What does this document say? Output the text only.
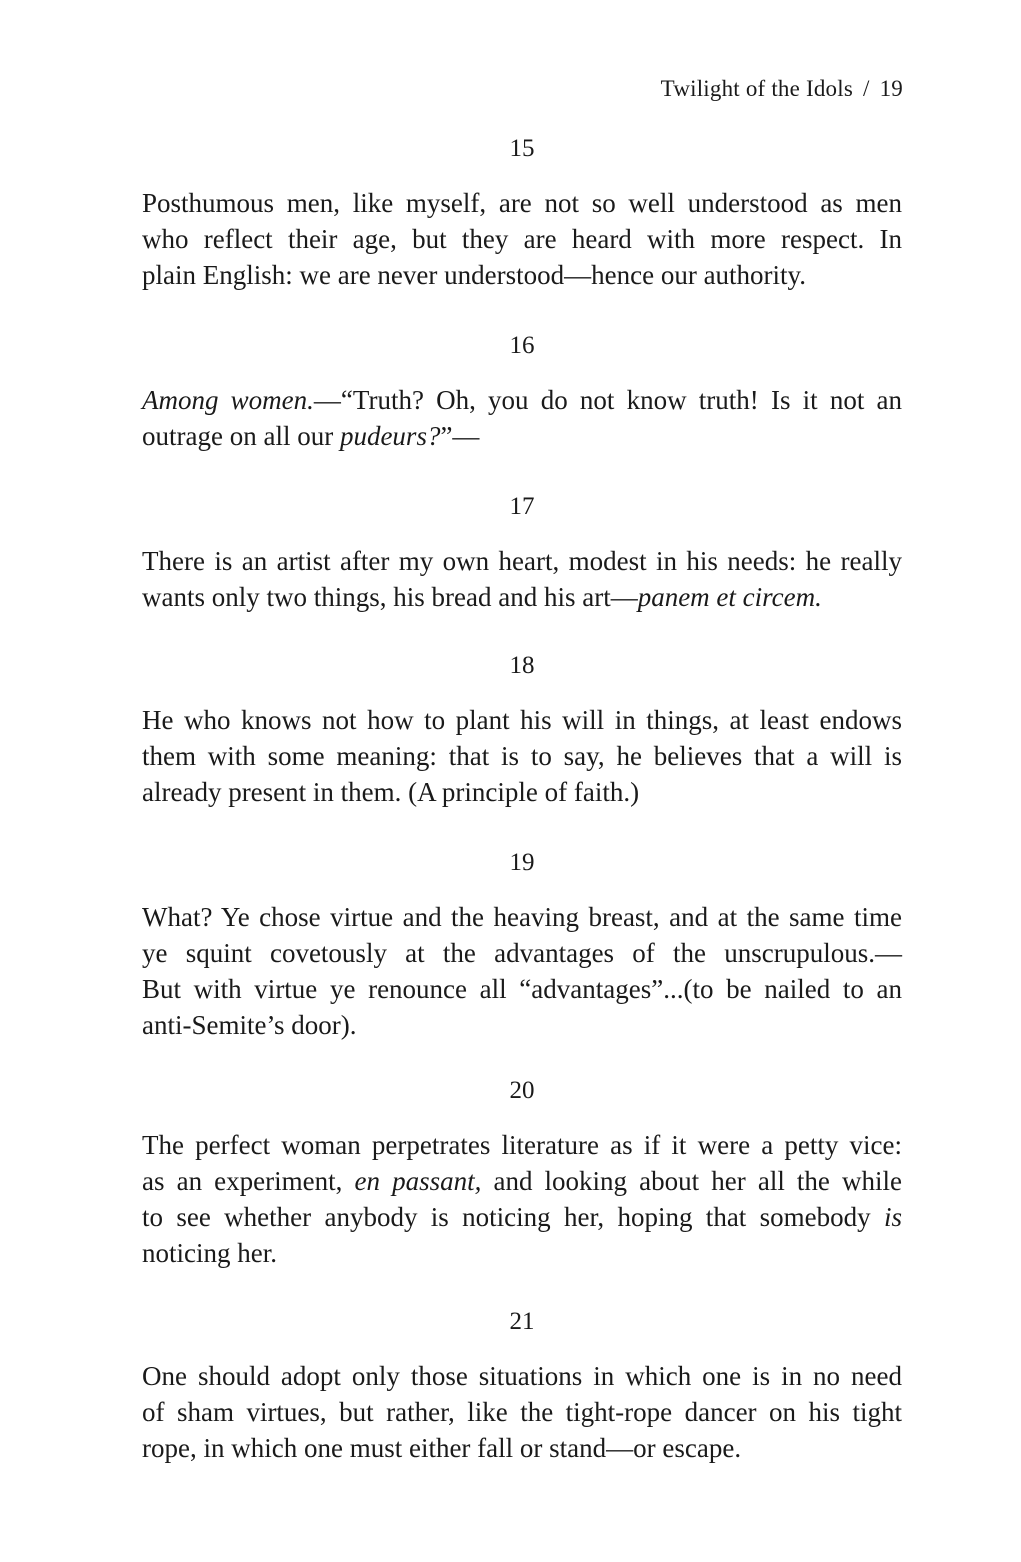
Twilight of the Idols / 19
15
Posthumous men, like myself, are not so well understood as men
who reflect their age, but they are heard with more respect. In
plain English: we are never understood—hence our authority.
16
Among women.—“Truth? Oh, you do not know truth! Is it not an
outrage on all our pudeurs?”—
17
There is an artist after my own heart, modest in his needs: he really
wants only two things, his bread and his art—panem et circem.
18
He who knows not how to plant his will in things, at least endows
them with some meaning: that is to say, he believes that a will is
already present in them. (A principle of faith.)
19
What? Ye chose virtue and the heaving breast, and at the same time
ye squint covetously at the advantages of the unscrupulous.—
But with virtue ye renounce all “advantages”...(to be nailed to an
anti-Semite’s door).
20
The perfect woman perpetrates literature as if it were a petty vice:
as an experiment, en passant, and looking about her all the while
to see whether anybody is noticing her, hoping that somebody is
noticing her.
21
One should adopt only those situations in which one is in no need
of sham virtues, but rather, like the tight-rope dancer on his tight
rope, in which one must either fall or stand—or escape.
